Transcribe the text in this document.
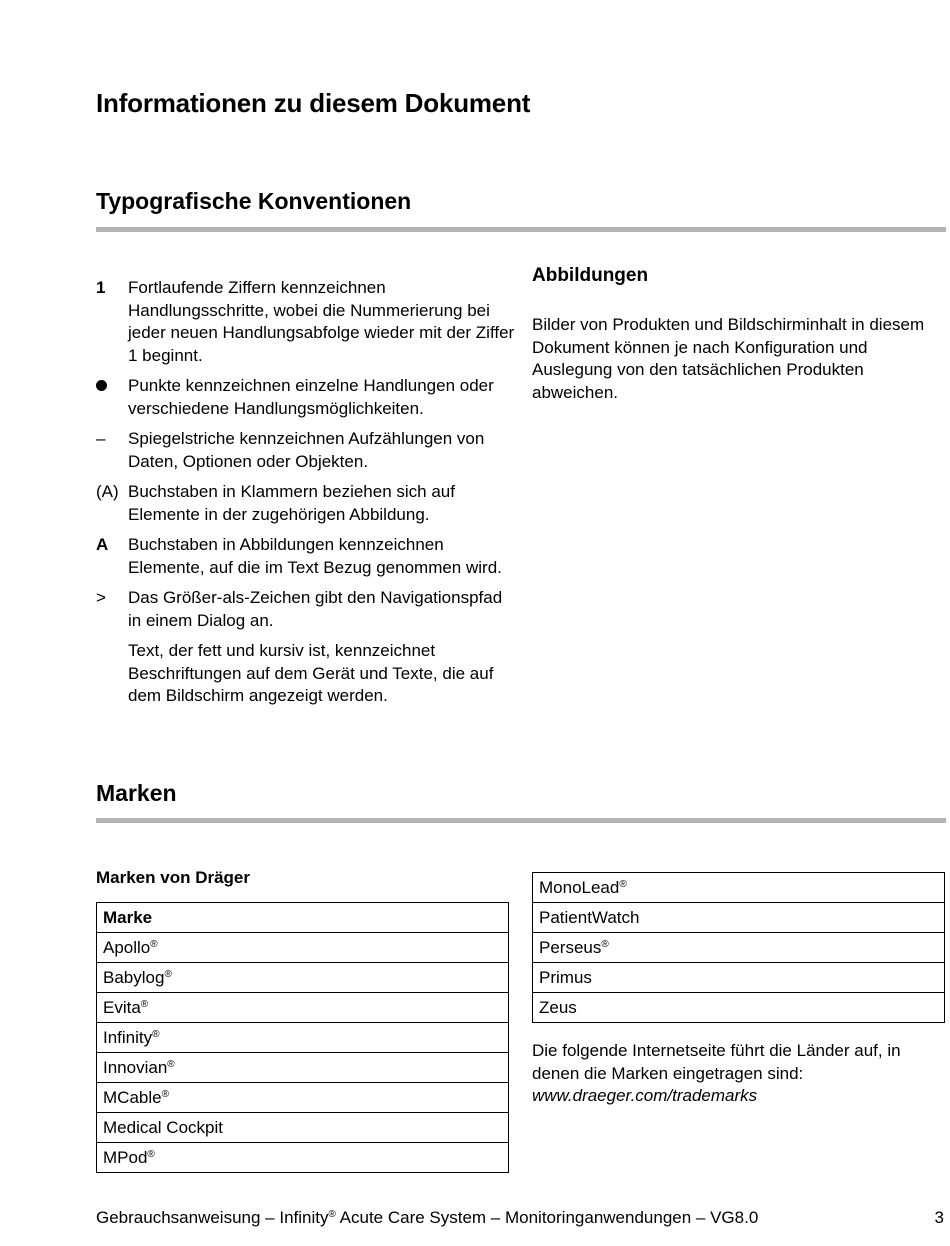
Informationen zu diesem Dokument
Typografische Konventionen
1	Fortlaufende Ziffern kennzeichnen Handlungsschritte, wobei die Nummerierung bei jeder neuen Handlungsabfolge wieder mit der Ziffer 1 beginnt.
Punkte kennzeichnen einzelne Handlungen oder verschiedene Handlungsmöglichkeiten.
–	Spiegelstriche kennzeichnen Aufzählungen von Daten, Optionen oder Objekten.
(A) Buchstaben in Klammern beziehen sich auf Elemente in der zugehörigen Abbildung.
A	Buchstaben in Abbildungen kennzeichnen Elemente, auf die im Text Bezug genommen wird.
>	Das Größer-als-Zeichen gibt den Navigationspfad in einem Dialog an.
Text, der fett und kursiv ist, kennzeichnet Beschriftungen auf dem Gerät und Texte, die auf dem Bildschirm angezeigt werden.
Abbildungen
Bilder von Produkten und Bildschirminhalt in diesem Dokument können je nach Konfiguration und Auslegung von den tatsächlichen Produkten abweichen.
Marken
Marken von Dräger
Marke
Apollo®
Babylog®
Evita®
Infinity®
Innovian®
MCable®
Medical Cockpit
MPod®
MonoLead®
PatientWatch
Perseus®
Primus
Zeus
Die folgende Internetseite führt die Länder auf, in denen die Marken eingetragen sind:
www.draeger.com/trademarks
Gebrauchsanweisung – Infinity® Acute Care System – Monitoringanwendungen – VG8.0	3
